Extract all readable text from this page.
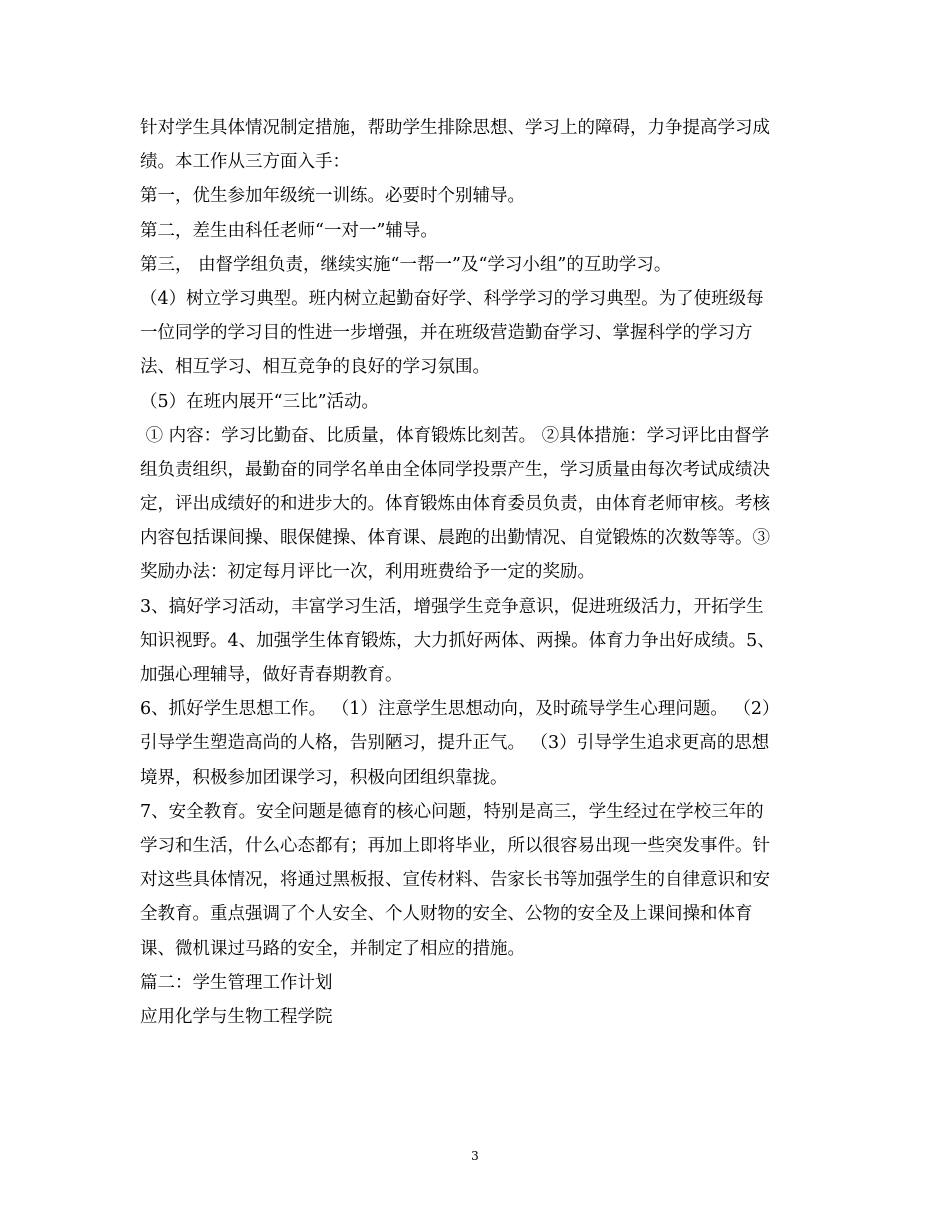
针对学生具体情况制定措施，帮助学生排除思想、学习上的障碍，力争提高学习成
绩。本工作从三方面入手：
第一，优生参加年级统一训练。必要时个别辅导。
第二，差生由科任老师“一对一”辅导。
第三， 由督学组负责，继续实施“一帮一”及“学习小组”的互助学习。
（4）树立学习典型。班内树立起勤奋好学、科学学习的学习典型。为了使班级每
一位同学的学习目的性进一步增强，并在班级营造勤奋学习、掌握科学的学习方
法、相互学习、相互竞争的良好的学习氛围。
（5）在班内展开“三比”活动。
① 内容：学习比勤奋、比质量，体育锻炼比刻苦。 ②具体措施：学习评比由督学
组负责组织，最勤奋的同学名单由全体同学投票产生，学习质量由每次考试成绩决
定，评出成绩好的和进步大的。体育锻炼由体育委员负责，由体育老师审核。考核
内容包括课间操、眼保健操、体育课、晨跑的出勤情况、自觉锻炼的次数等等。③
奖励办法：初定每月评比一次，利用班费给予一定的奖励。
3、搞好学习活动，丰富学习生活，增强学生竞争意识，促进班级活力，开拓学生
知识视野。4、加强学生体育锻炼，大力抓好两体、两操。体育力争出好成绩。5、
加强心理辅导，做好青春期教育。
6、抓好学生思想工作。 （1）注意学生思想动向，及时疏导学生心理问题。 （2）
引导学生塑造高尚的人格，告别陋习，提升正气。 （3）引导学生追求更高的思想
境界，积极参加团课学习，积极向团组织靠拢。
7、安全教育。安全问题是德育的核心问题，特别是高三，学生经过在学校三年的
学习和生活，什么心态都有；再加上即将毕业，所以很容易出现一些突发事件。针
对这些具体情况，将通过黑板报、宣传材料、告家长书等加强学生的自律意识和安
全教育。重点强调了个人安全、个人财物的安全、公物的安全及上课间操和体育
课、微机课过马路的安全，并制定了相应的措施。
篇二：学生管理工作计划
应用化学与生物工程学院
3
